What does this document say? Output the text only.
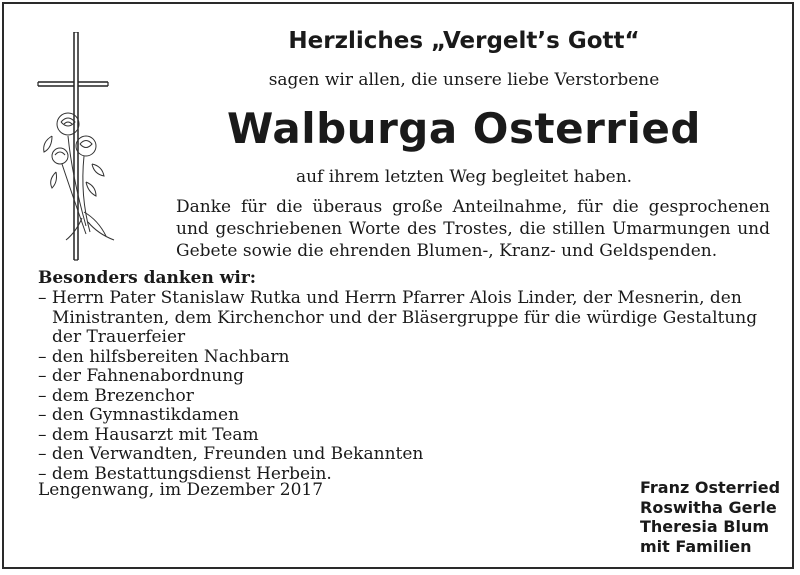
Herzliches „Vergelt’s Gott“
sagen wir allen, die unsere liebe Verstorbene
Walburga Osterried
auf ihrem letzten Weg begleitet haben.
Danke für die überaus große Anteilnahme, für die gesprochenen und geschriebenen Worte des Trostes, die stillen Umarmungen und Gebete sowie die ehrenden Blumen-, Kranz- und Geldspenden.
Besonders danken wir:
– Herrn Pater Stanislaw Rutka und Herrn Pfarrer Alois Linder, der Mesnerin, den Ministranten, dem Kirchenchor und der Bläsergruppe für die würdige Gestaltung der Trauerfeier
– den hilfsbereiten Nachbarn
– der Fahnenabordnung
– dem Brezenchor
– den Gymnastikdamen
– dem Hausarzt mit Team
– den Verwandten, Freunden und Bekannten
– dem Bestattungsdienst Herbein.
Lengenwang, im Dezember 2017	Franz Osterried
Roswitha Gerle
Theresia Blum
mit Familien
